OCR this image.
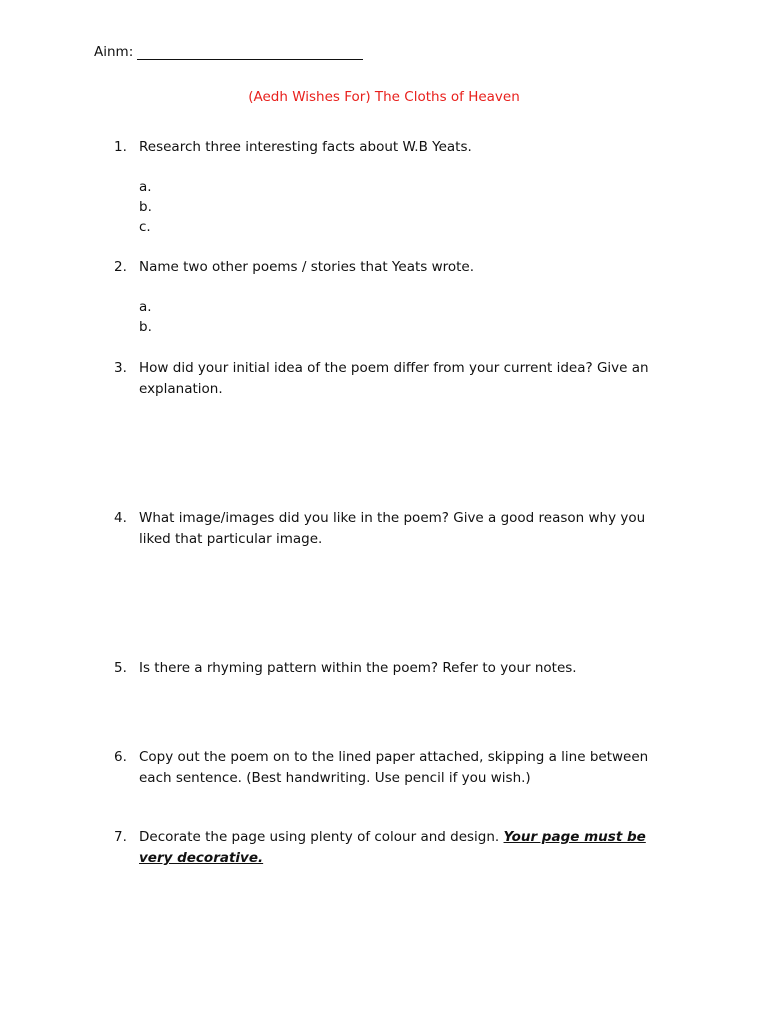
Ainm:
(Aedh Wishes For) The Cloths of Heaven
1. Research three interesting facts about W.B Yeats.
a.
b.
c.
2. Name two other poems / stories that Yeats wrote.
a.
b.
3. How did your initial idea of the poem differ from your current idea? Give an explanation.
4. What image/images did you like in the poem? Give a good reason why you liked that particular image.
5. Is there a rhyming pattern within the poem? Refer to your notes.
6. Copy out the poem on to the lined paper attached, skipping a line between each sentence. (Best handwriting. Use pencil if you wish.)
7. Decorate the page using plenty of colour and design. Your page must be very decorative.
